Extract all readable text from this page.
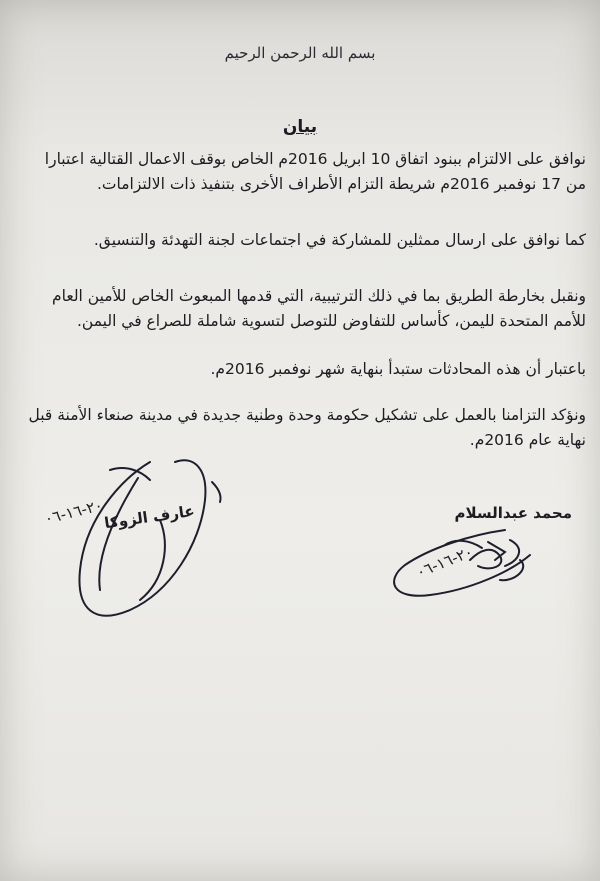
بسم الله الرحمن الرحيم
بيان
نوافق على الالتزام ببنود اتفاق 10 ابريل 2016م الخاص بوقف الاعمال القتالية اعتبارا
من 17 نوفمبر 2016م شريطة التزام الأطراف الأخرى بتنفيذ ذات الالتزامات.
كما نوافق على ارسال ممثلين للمشاركة في اجتماعات لجنة التهدئة والتنسيق.
ونقبل بخارطة الطريق بما في ذلك الترتيبية، التي قدمها المبعوث الخاص للأمين العام
للأمم المتحدة لليمن، كأساس للتفاوض للتوصل لتسوية شاملة للصراع في اليمن.
باعتبار أن هذه المحادثات ستبدأ بنهاية شهر نوفمبر 2016م.
ونؤكد التزامنا بالعمل على تشكيل حكومة وحدة وطنية جديدة في مدينة صنعاء الأمنة قبل
نهاية عام 2016م.
محمد عبدالسلام
٢٠-١٦-٠٦
عارف الزوكا
٢٠-١٦-٠٦
